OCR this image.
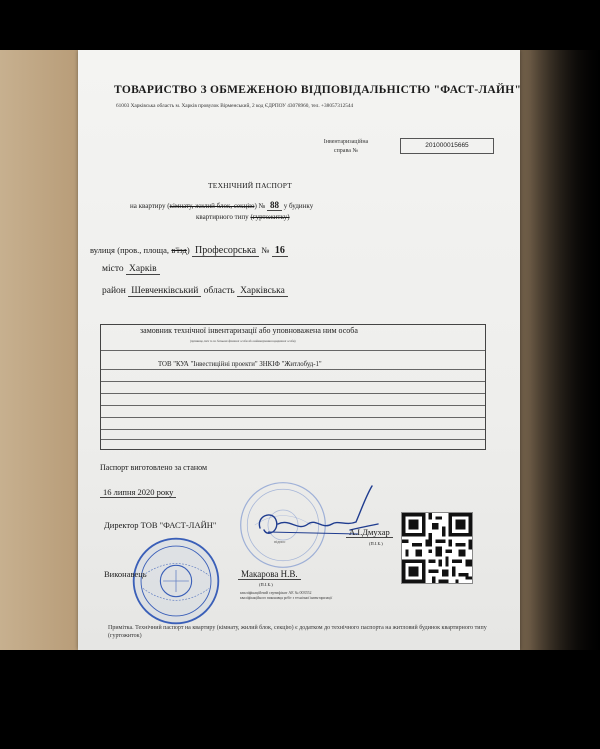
ТОВАРИСТВО З ОБМЕЖЕНОЮ ВІДПОВІДАЛЬНІСТЮ "ФАСТ-ЛАЙН"
61003 Харківська область м. Харків провулок Вірменський, 2 код ЄДРПОУ 43078960, тел. +38057312544
Інвентаризаційна справа №
201000015665
ТЕХНІЧНИЙ ПАСПОРТ
на квартиру (кімнату, жилий блок, секцію) № 88 у будинку
квартирного типу (гуртожитку)
вулиця (пров., площа, в'їзд) Професорська № 16
місто Харків
район Шевченківський область Харківська
замовник технічної інвентаризації або уповноважена ним особа
(прізвище, ім'я та по батькові фізичної особи або найменування юридичної особи)
ТОВ "КУА "Інвестиційні проекти" ЗНКІФ "Житлобуд-1"
Паспорт виготовлено за станом
16 липня 2020 року
Директор ТОВ "ФАСТ-ЛАЙН"
А.І.Дмухар
підпис	(П.І.Б.)
Виконавець	Макарова Н.В.
(П.І.Б.)
кваліфікаційний сертифікат АЕ № 003552
кваліфікаційного виконавця робіт з технічної інвентаризації
Примітка. Технічний паспорт на квартиру (кімнату, жилий блок, секцію) є додатком до технічного паспорта на житловий будинок квартирного типу (гуртожиток)
